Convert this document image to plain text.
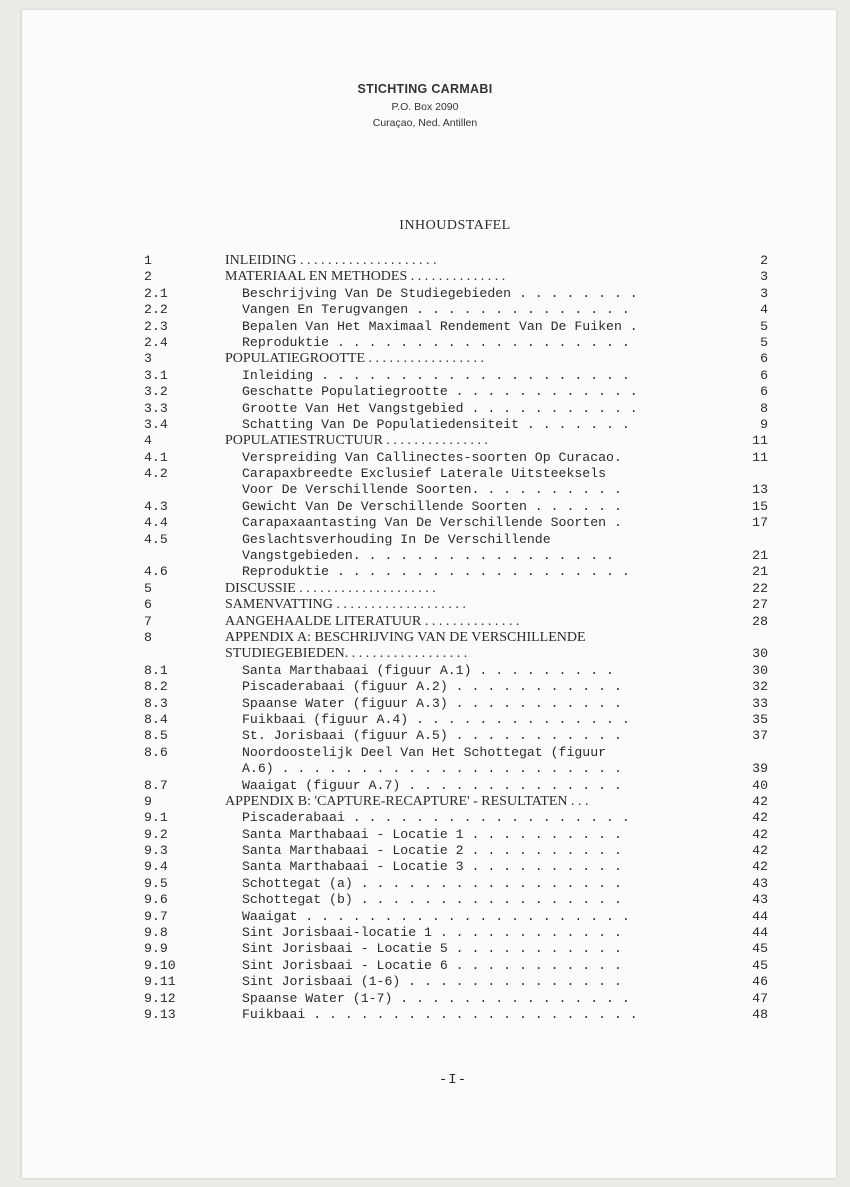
STICHTING CARMABI
P.O. Box 2090
Curaçao, Ned. Antillen
INHOUDSTAFEL
1	INLEIDING . . . . . . . . . . . . . . . . . . . .	2
2	MATERIAAL EN METHODES . . . . . . . . . . . . . .	3
2.1	Beschrijving Van De Studiegebieden . . . . . . . .	3
2.2	Vangen En Terugvangen . . . . . . . . . . . . . .	4
2.3	Bepalen Van Het Maximaal Rendement Van De Fuiken .	5
2.4	Reproduktie . . . . . . . . . . . . . . . . . . .	5
3	POPULATIEGROOTTE . . . . . . . . . . . . . . . . .	6
3.1	Inleiding . . . . . . . . . . . . . . . . . . . .	6
3.2	Geschatte Populatiegrootte . . . . . . . . . . . .	6
3.3	Grootte Van Het Vangstgebied . . . . . . . . . . .	8
3.4	Schatting Van De Populatiedensiteit . . . . . . .	9
4	POPULATIESTRUCTUUR . . . . . . . . . . . . . . .	11
4.1	Verspreiding Van Callinectes-soorten Op Curacao.	11
4.2	Carapaxbreedte Exclusief Laterale Uitsteeksels
Voor De Verschillende Soorten. . . . . . . . . .	13
4.3	Gewicht Van De Verschillende Soorten . . . . . .	15
4.4	Carapaxaantasting Van De Verschillende Soorten .	17
4.5	Geslachtsverhouding In De Verschillende
Vangstgebieden. . . . . . . . . . . . . . . . .	21
4.6	Reproduktie . . . . . . . . . . . . . . . . . . .	21
5	DISCUSSIE . . . . . . . . . . . . . . . . . . . .	22
6	SAMENVATTING . . . . . . . . . . . . . . . . . . .	27
7	AANGEHAALDE LITERATUUR . . . . . . . . . . . . . .	28
8	APPENDIX A: BESCHRIJVING VAN DE VERSCHILLENDE
STUDIEGEBIEDEN. . . . . . . . . . . . . . . . . .	30
8.1	Santa Marthabaai (figuur A.1) . . . . . . . . .	30
8.2	Piscaderabaai (figuur A.2) . . . . . . . . . . .	32
8.3	Spaanse Water (figuur A.3) . . . . . . . . . . .	33
8.4	Fuikbaai (figuur A.4) . . . . . . . . . . . . . .	35
8.5	St. Jorisbaai (figuur A.5) . . . . . . . . . . .	37
8.6	Noordoostelijk Deel Van Het Schottegat (figuur
A.6) . . . . . . . . . . . . . . . . . . . . . .	39
8.7	Waaigat (figuur A.7) . . . . . . . . . . . . . .	40
9	APPENDIX B: 'CAPTURE-RECAPTURE' - RESULTATEN . . .	42
9.1	Piscaderabaai . . . . . . . . . . . . . . . . . .	42
9.2	Santa Marthabaai - Locatie 1 . . . . . . . . . .	42
9.3	Santa Marthabaai - Locatie 2 . . . . . . . . . .	42
9.4	Santa Marthabaai - Locatie 3 . . . . . . . . . .	42
9.5	Schottegat (a) . . . . . . . . . . . . . . . . .	43
9.6	Schottegat (b) . . . . . . . . . . . . . . . . .	43
9.7	Waaigat . . . . . . . . . . . . . . . . . . . . .	44
9.8	Sint Jorisbaai-locatie 1 . . . . . . . . . . . .	44
9.9	Sint Jorisbaai - Locatie 5 . . . . . . . . . . .	45
9.10	Sint Jorisbaai - Locatie 6 . . . . . . . . . . .	45
9.11	Sint Jorisbaai (1-6) . . . . . . . . . . . . . .	46
9.12	Spaanse Water (1-7) . . . . . . . . . . . . . . .	47
9.13	Fuikbaai . . . . . . . . . . . . . . . . . . . . .	48
-I-
